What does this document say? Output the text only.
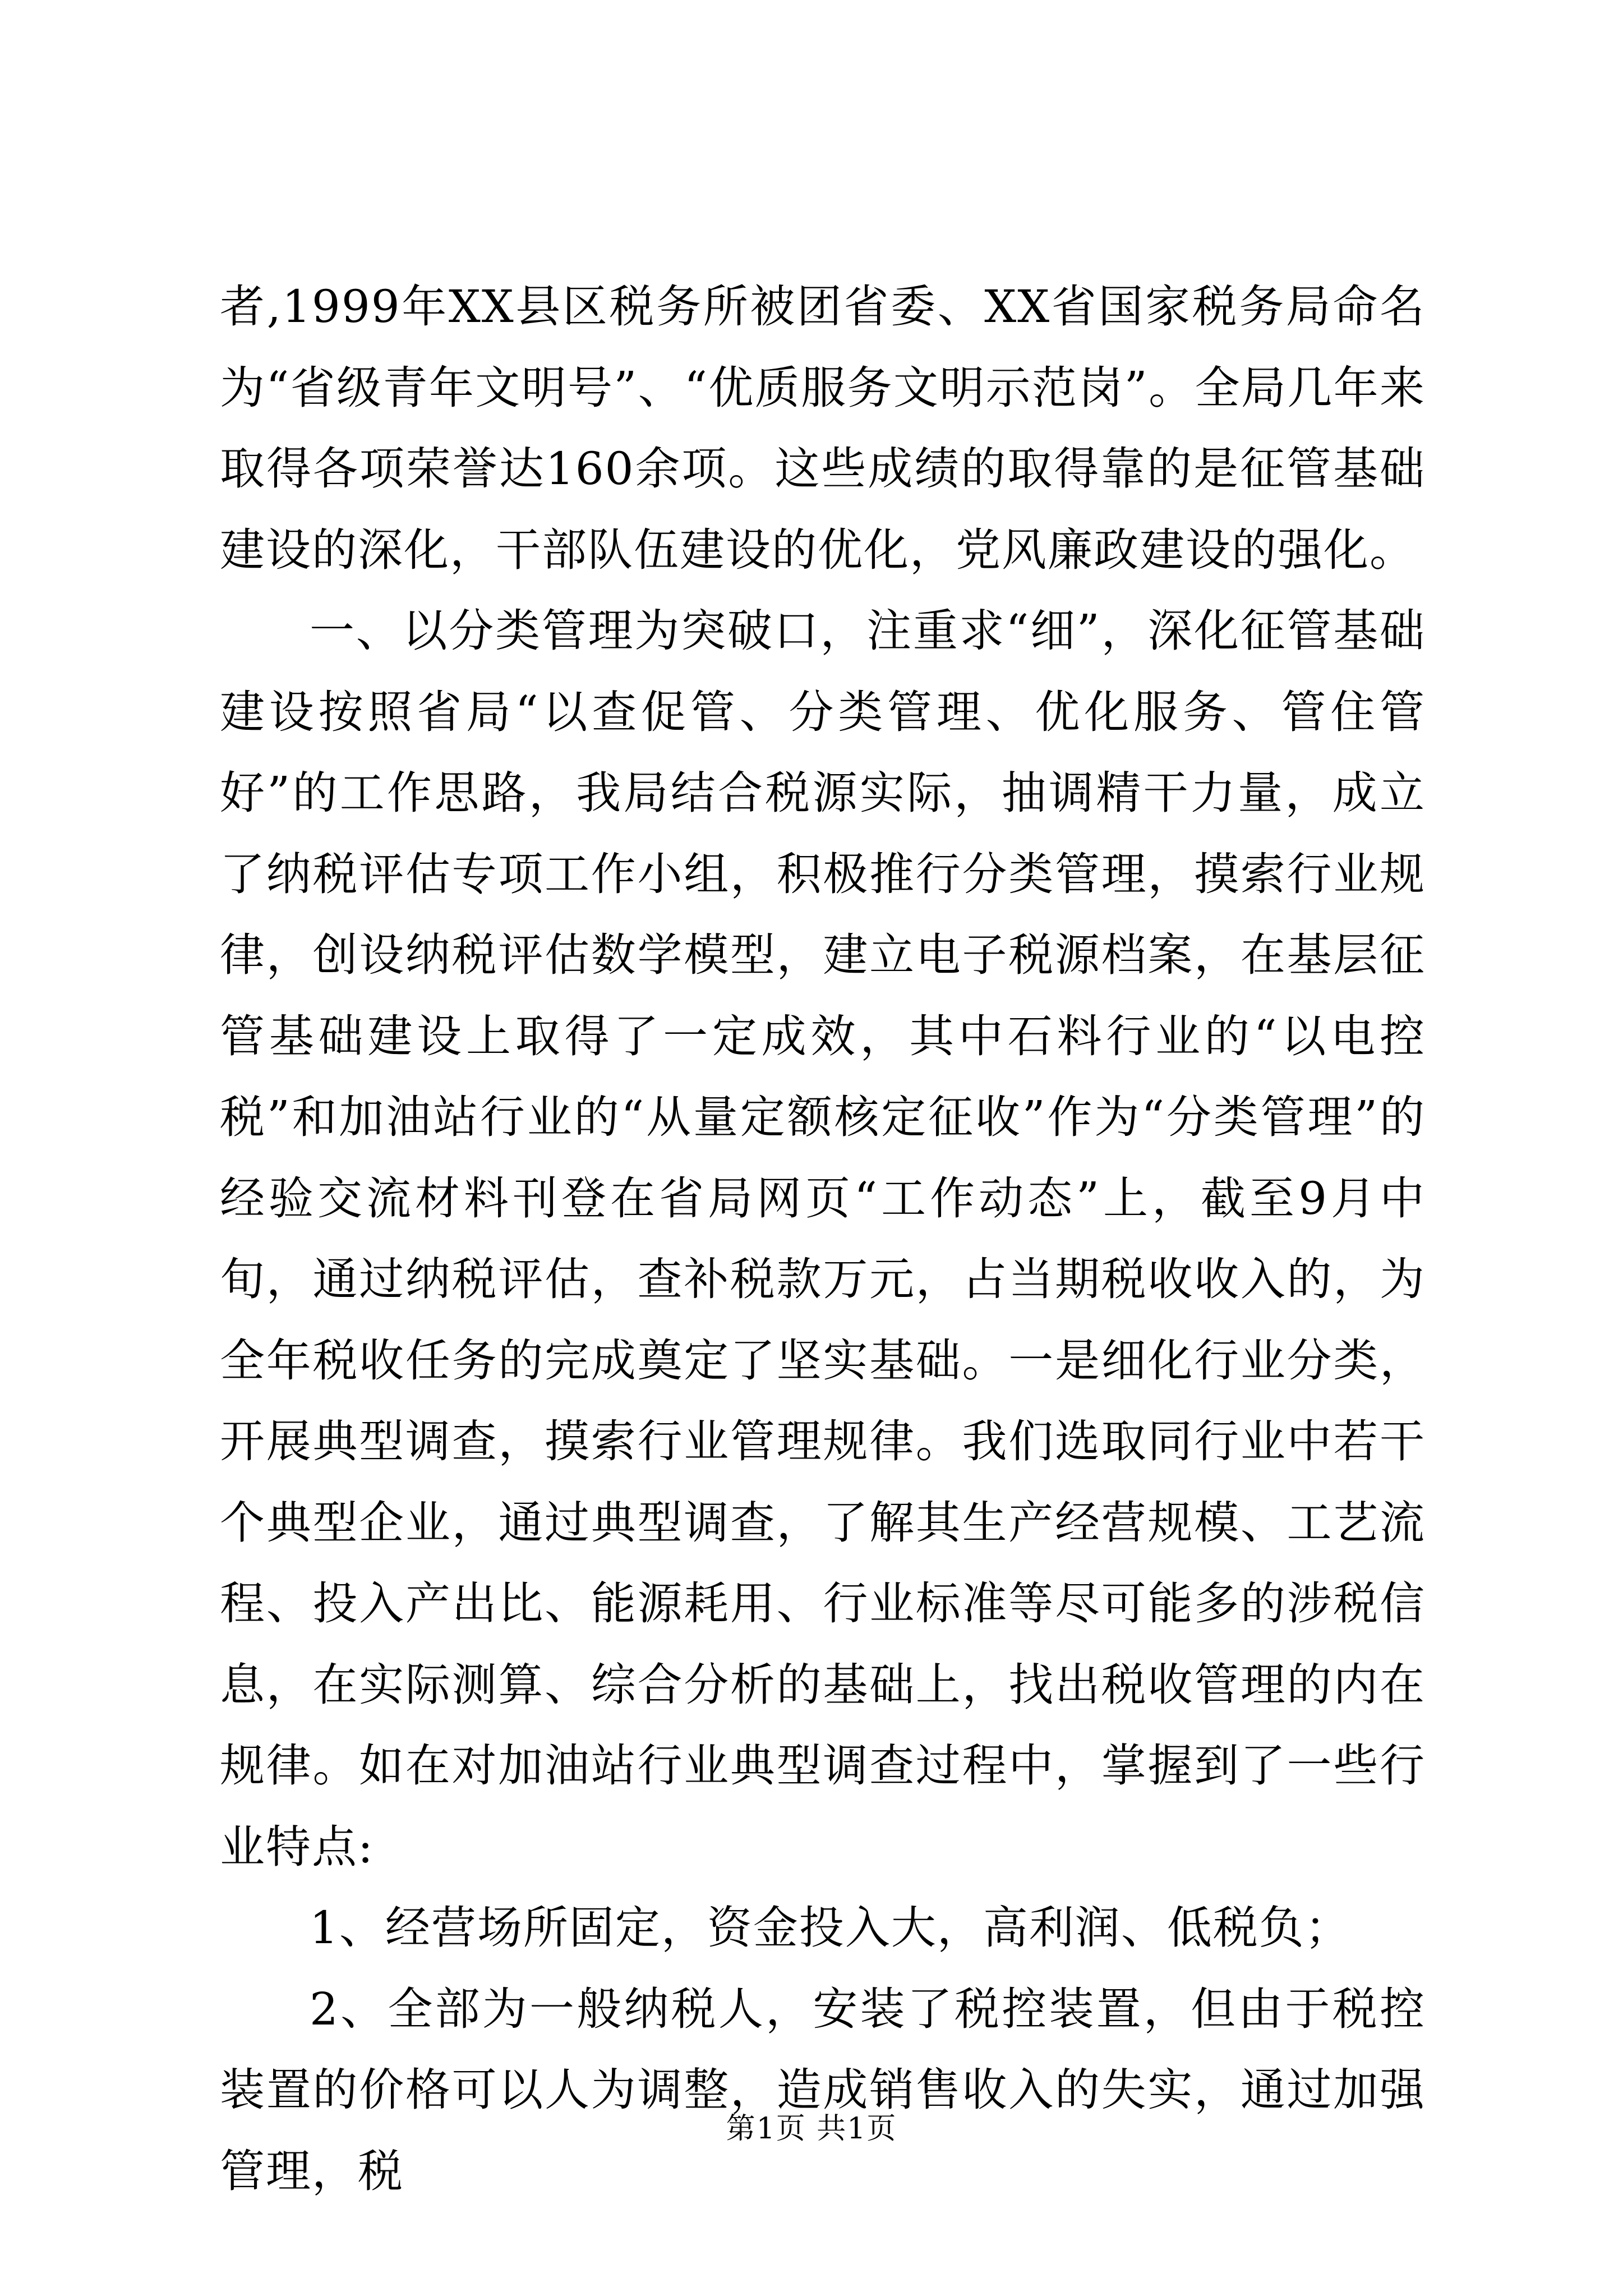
者,1999年XX县区税务所被团省委、XX省国家税务局命名为“省级青年文明号”、“优质服务文明示范岗”。全局几年来取得各项荣誉达160余项。这些成绩的取得靠的是征管基础建设的深化，干部队伍建设的优化，党风廉政建设的强化。

一、以分类管理为突破口，注重求“细”，深化征管基础建设按照省局“以查促管、分类管理、优化服务、管住管好”的工作思路，我局结合税源实际，抽调精干力量，成立了纳税评估专项工作小组，积极推行分类管理，摸索行业规律，创设纳税评估数学模型，建立电子税源档案，在基层征管基础建设上取得了一定成效，其中石料行业的“以电控税”和加油站行业的“从量定额核定征收”作为“分类管理”的经验交流材料刊登在省局网页“工作动态”上，截至9月中旬，通过纳税评估，查补税款万元，占当期税收收入的，为全年税收任务的完成奠定了坚实基础。一是细化行业分类，开展典型调查，摸索行业管理规律。我们选取同行业中若干个典型企业，通过典型调查，了解其生产经营规模、工艺流程、投入产出比、能源耗用、行业标准等尽可能多的涉税信息，在实际测算、综合分析的基础上，找出税收管理的内在规律。如在对加油站行业典型调查过程中，掌握到了一些行业特点:

1、经营场所固定，资金投入大，高利润、低税负；

2、全部为一般纳税人，安装了税控装置，但由于税控装置的价格可以人为调整，造成销售收入的失实，通过加强管理，税

第1页 共1页
